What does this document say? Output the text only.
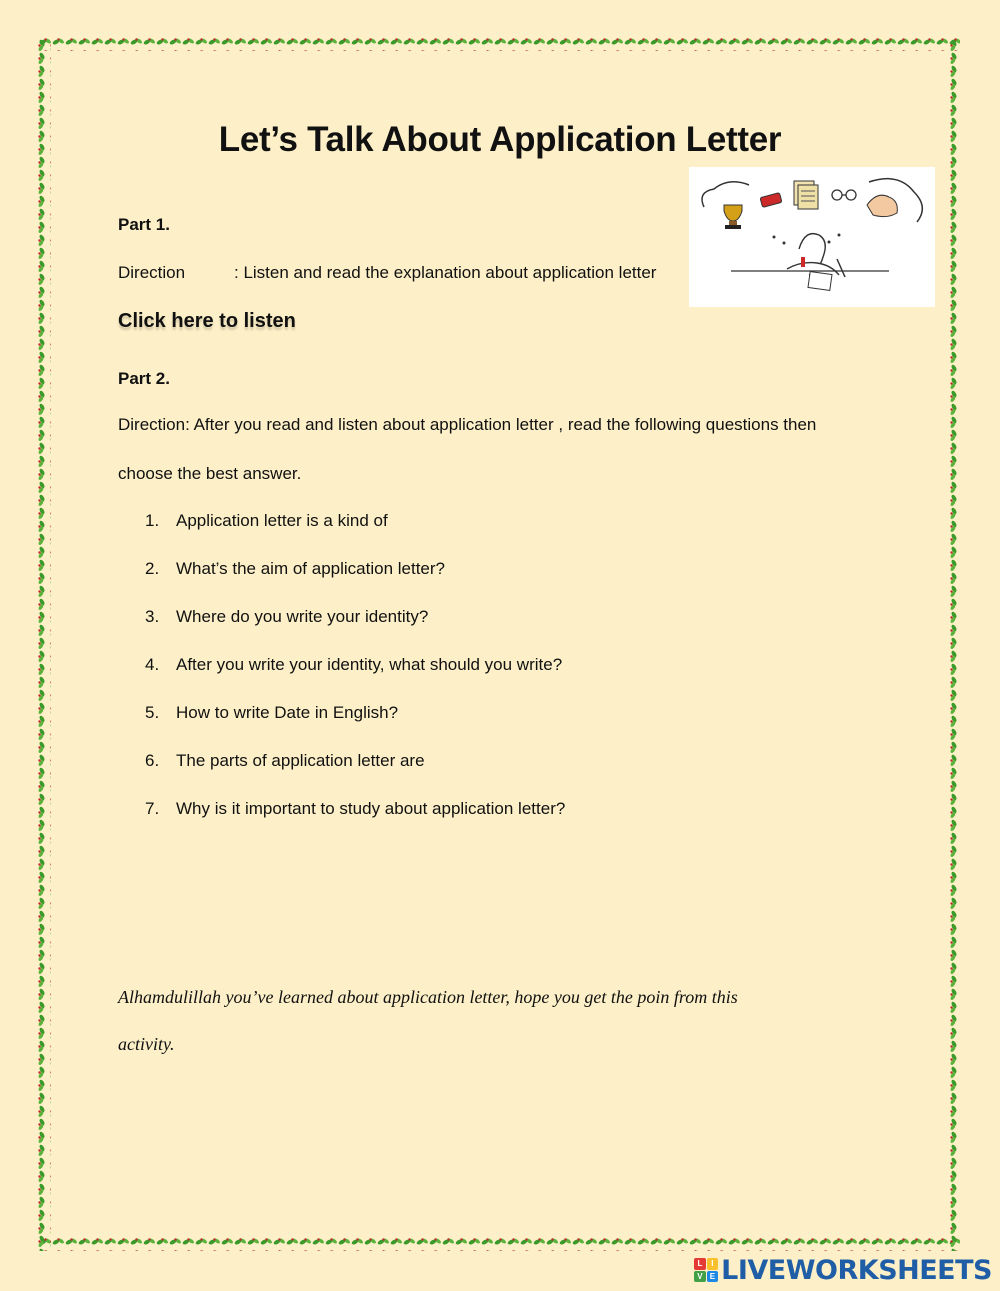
Let’s Talk About Application Letter
Part 1.
Direction	: Listen and read the explanation about application letter
Click here to listen
Part 2.
Direction: After you read and listen about application letter , read the following questions then
choose the best answer.
1. Application letter is a kind of
2. What’s the aim of application letter?
3. Where do you write your identity?
4. After you write your identity, what should you write?
5. How to write Date in English?
6. The parts of application letter are
7. Why is it important to study about application letter?
Alhamdulillah you’ve learned about application letter, hope you get the poin from this
activity.
L	I
V E LIVEWORKSHEETS
